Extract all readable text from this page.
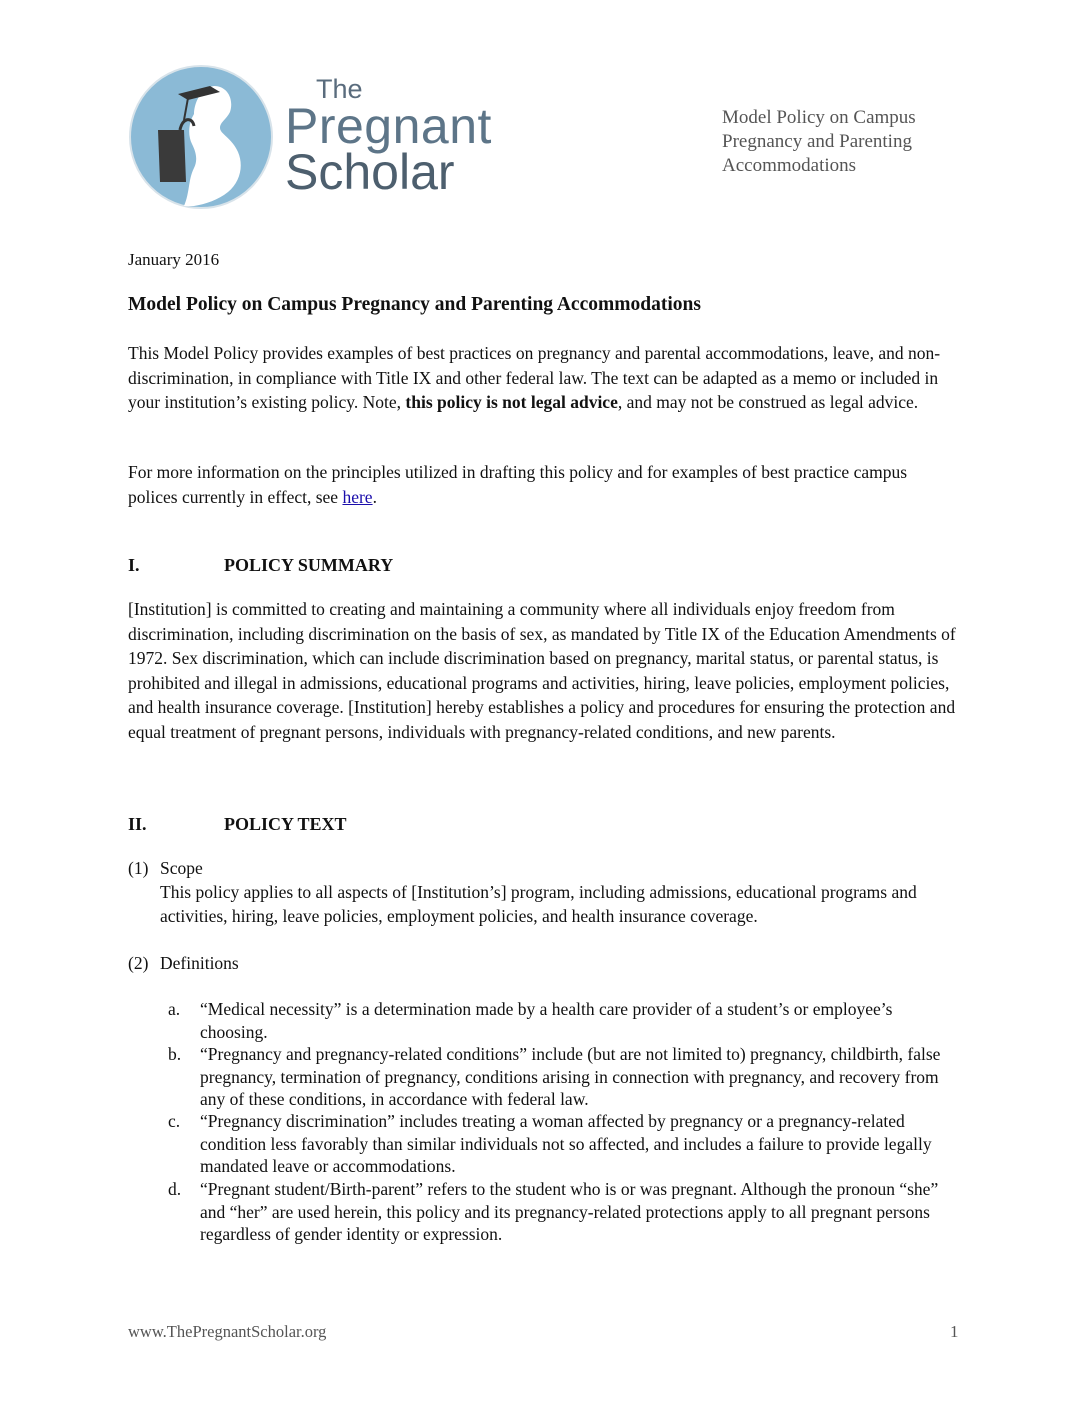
The
Pregnant
Scholar
Model Policy on Campus
Pregnancy and Parenting
Accommodations
January 2016
Model Policy on Campus Pregnancy and Parenting Accommodations
This Model Policy provides examples of best practices on pregnancy and parental accommodations, leave, and non-discrimination, in compliance with Title IX and other federal law. The text can be adapted as a memo or included in your institution’s existing policy. Note, this policy is not legal advice, and may not be construed as legal advice.
For more information on the principles utilized in drafting this policy and for examples of best practice campus polices currently in effect, see here.
I.	POLICY SUMMARY
[Institution] is committed to creating and maintaining a community where all individuals enjoy freedom from discrimination, including discrimination on the basis of sex, as mandated by Title IX of the Education Amendments of 1972. Sex discrimination, which can include discrimination based on pregnancy, marital status, or parental status, is prohibited and illegal in admissions, educational programs and activities, hiring, leave policies, employment policies, and health insurance coverage. [Institution] hereby establishes a policy and procedures for ensuring the protection and equal treatment of pregnant persons, individuals with pregnancy-related conditions, and new parents.
II.	POLICY TEXT
(1) Scope
This policy applies to all aspects of [Institution’s] program, including admissions, educational programs and activities, hiring, leave policies, employment policies, and health insurance coverage.
(2) Definitions
a.	“Medical necessity” is a determination made by a health care provider of a student’s or employee’s choosing.
b.	“Pregnancy and pregnancy-related conditions” include (but are not limited to) pregnancy, childbirth, false pregnancy, termination of pregnancy, conditions arising in connection with pregnancy, and recovery from any of these conditions, in accordance with federal law.
c.	“Pregnancy discrimination” includes treating a woman affected by pregnancy or a pregnancy-related condition less favorably than similar individuals not so affected, and includes a failure to provide legally mandated leave or accommodations.
d.	“Pregnant student/Birth-parent” refers to the student who is or was pregnant. Although the pronoun “she” and “her” are used herein, this policy and its pregnancy-related protections apply to all pregnant persons regardless of gender identity or expression.
www.ThePregnantScholar.org	1
